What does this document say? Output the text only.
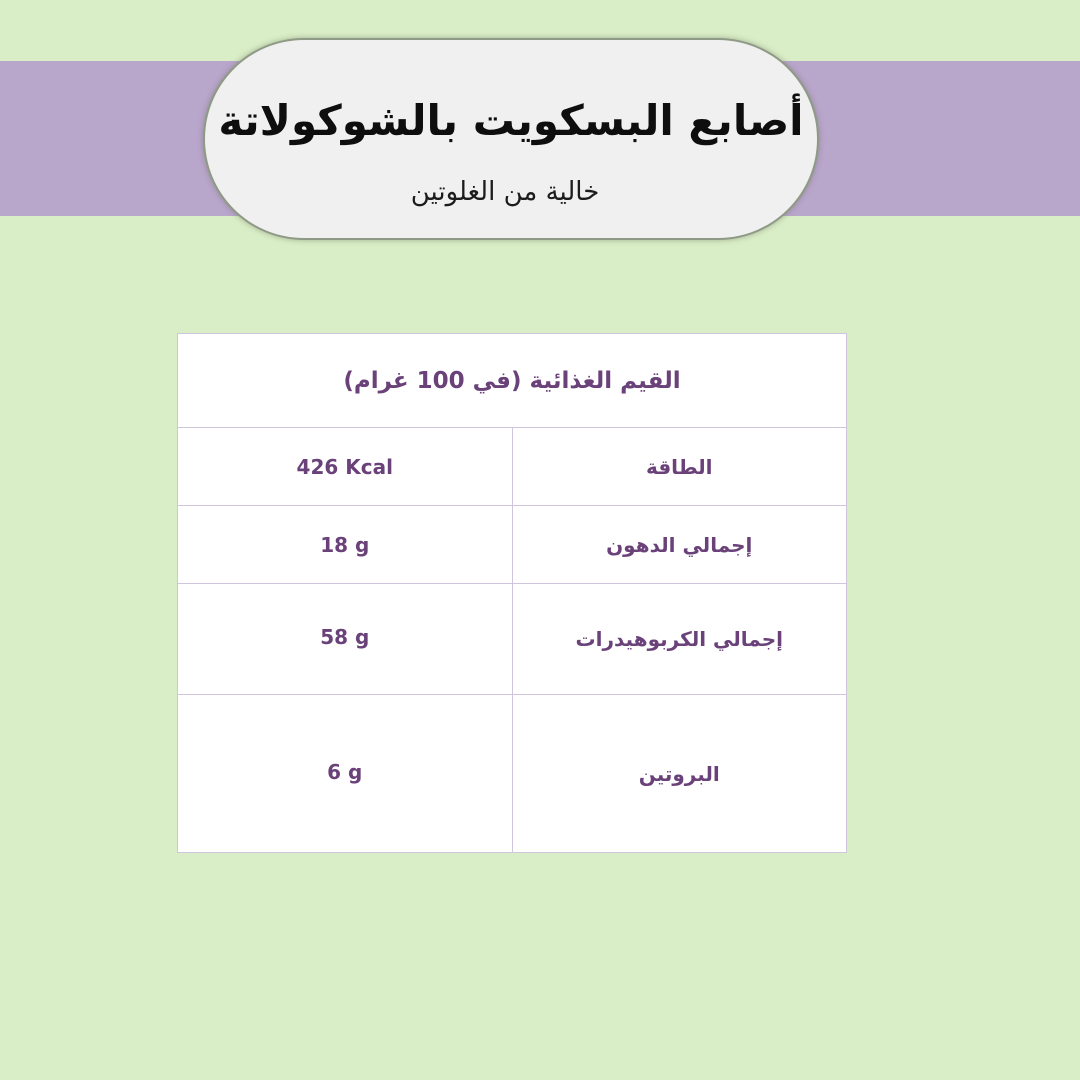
أصابع البسكويت بالشوكولاتة
خالية من الغلوتين
القيم الغذائية (في 100 غرام)	
426 Kcal	الطاقة
18 g	إجمالي الدهون
58 g	إجمالي الكربوهيدرات
6 g	البروتين
